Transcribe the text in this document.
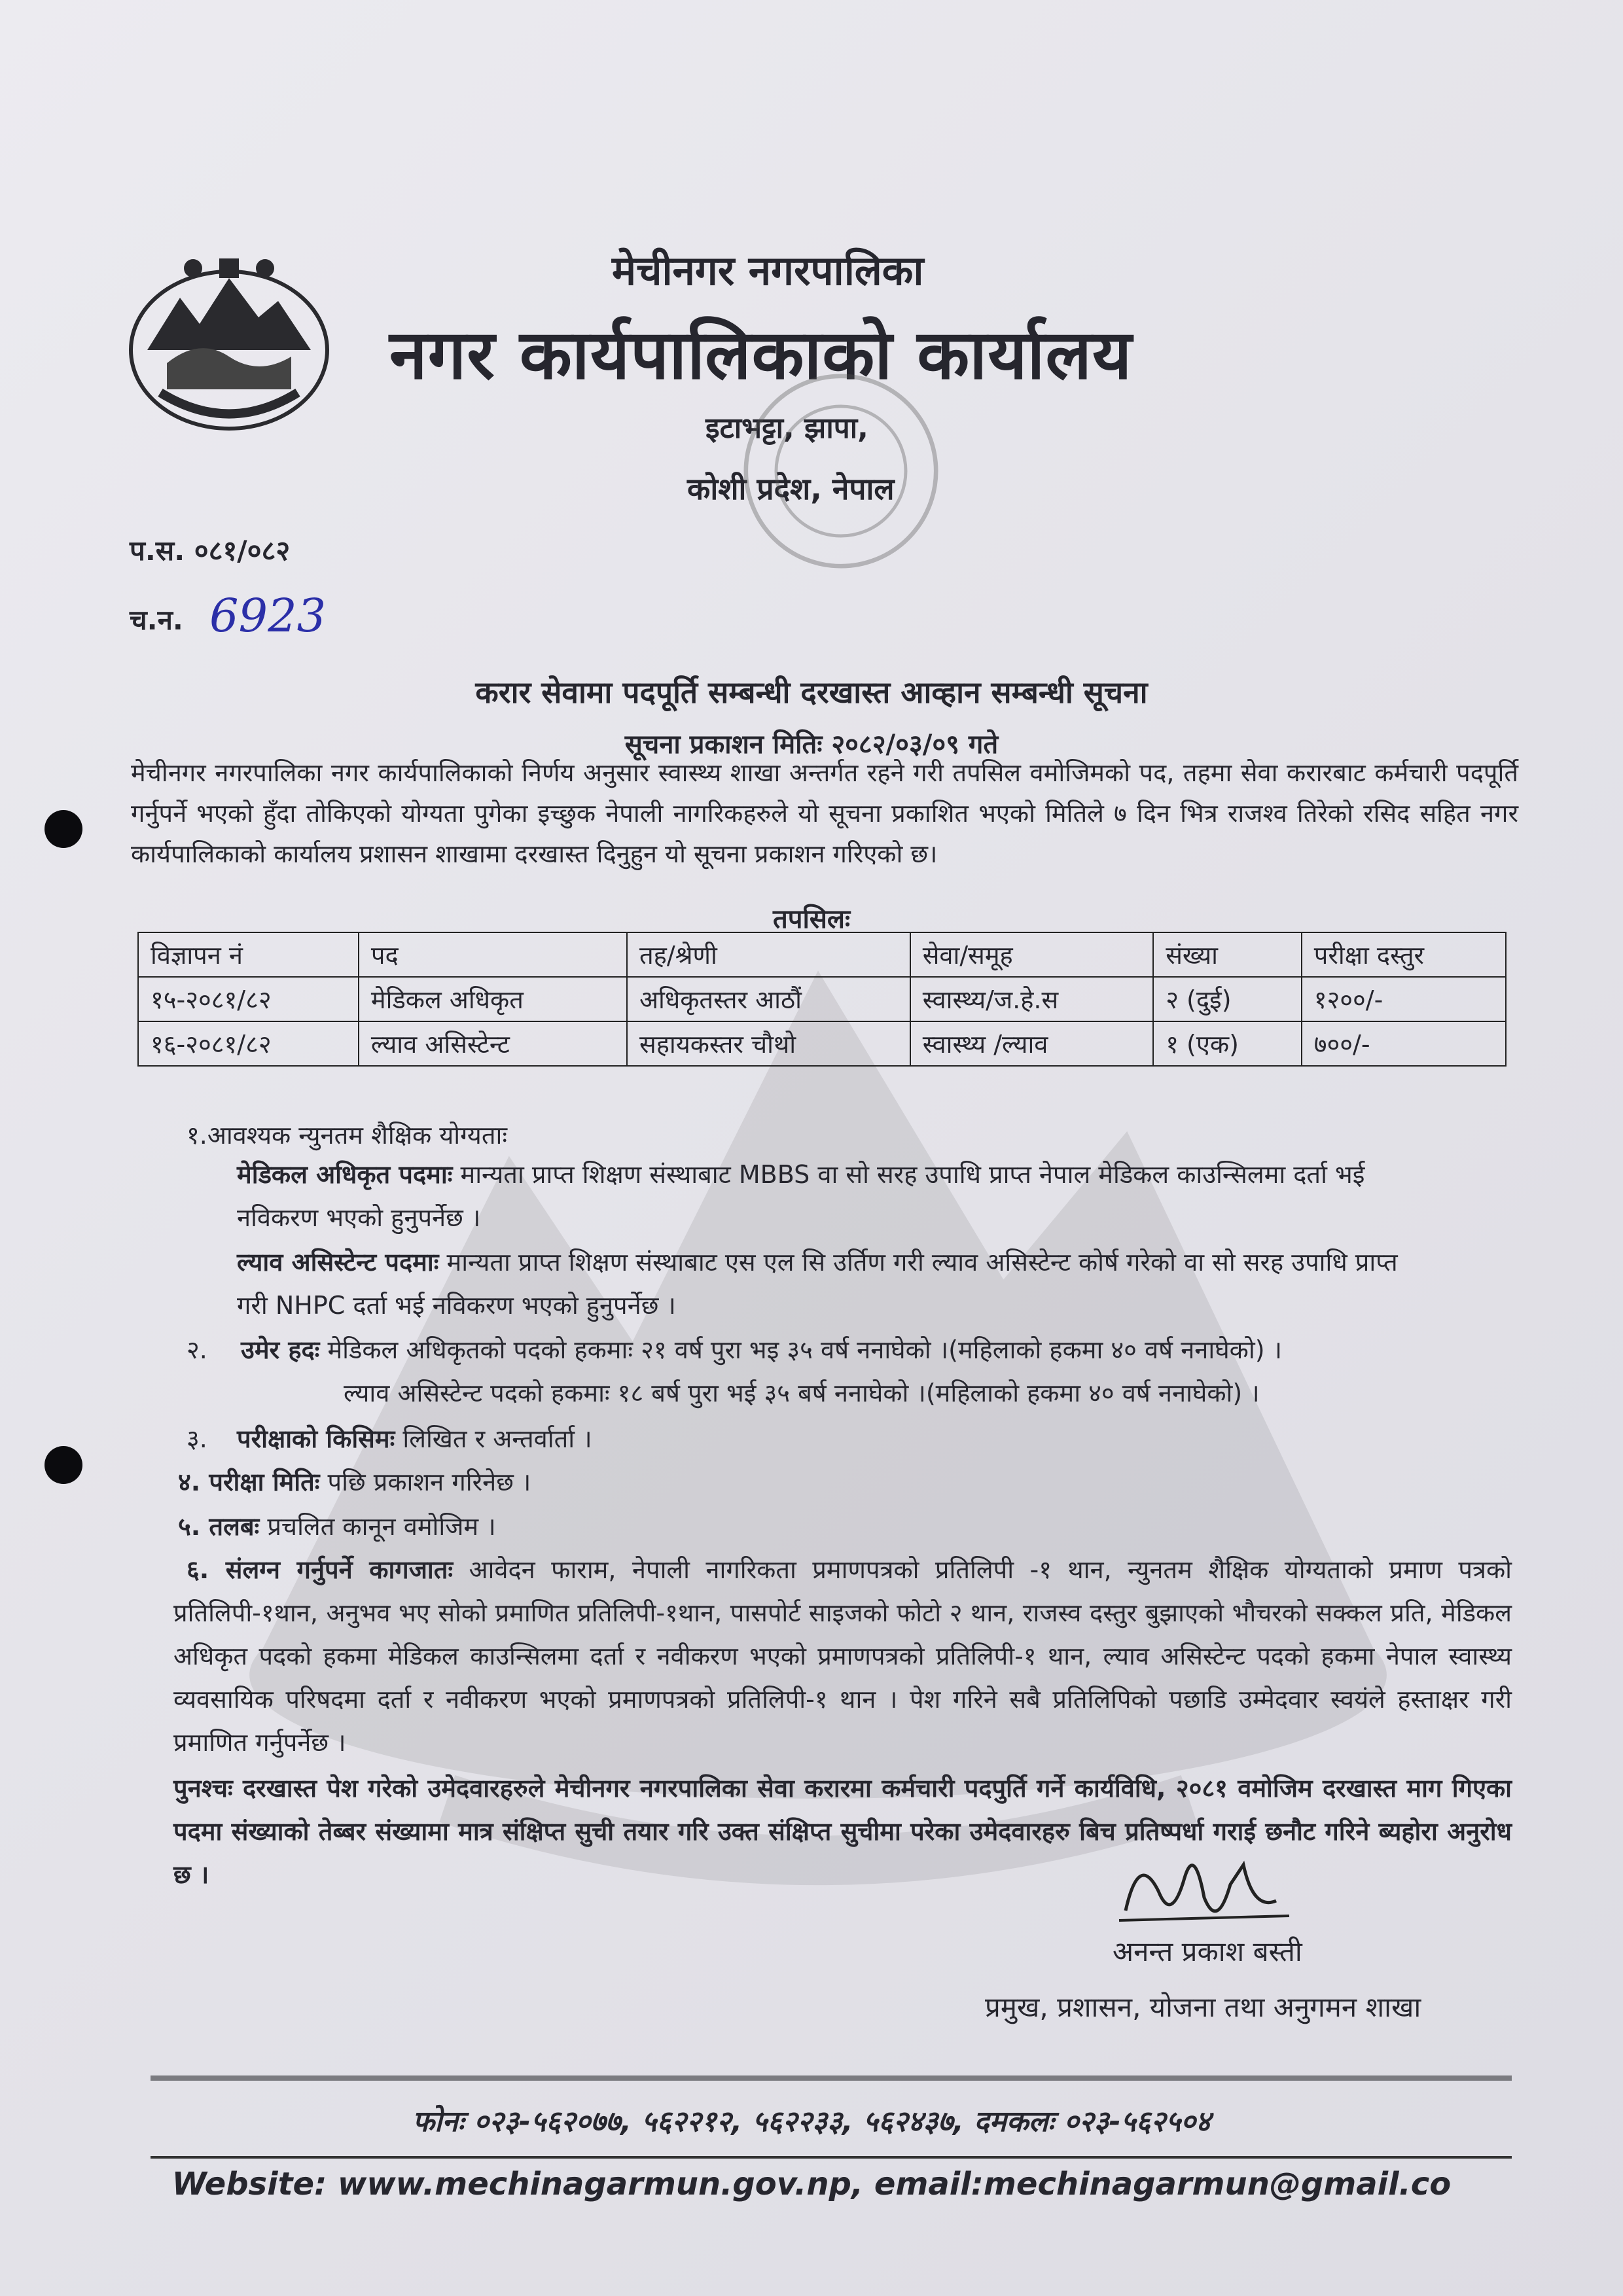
मेचीनगर नगरपालिका
नगर कार्यपालिकाको कार्यालय
इटाभट्टा, झापा,
कोशी प्रदेश, नेपाल
प.स. ०८१/०८२
च.न. 6923
करार सेवामा पदपूर्ति सम्बन्धी दरखास्त आव्हान सम्बन्धी सूचना
सूचना प्रकाशन मितिः २०८२/०३/०९ गते
मेचीनगर नगरपालिका नगर कार्यपालिकाको निर्णय अनुसार स्वास्थ्य शाखा अन्तर्गत रहने गरी तपसिल वमोजिमको पद, तहमा सेवा करारबाट कर्मचारी पदपूर्ति गर्नुपर्ने भएको हुँदा तोकिएको योग्यता पुगेका इच्छुक नेपाली नागरिकहरुले यो सूचना प्रकाशित भएको मितिले ७ दिन भित्र राजश्व तिरेको रसिद सहित नगर कार्यपालिकाको कार्यालय प्रशासन शाखामा दरखास्त दिनुहुन यो सूचना प्रकाशन गरिएको छ।
तपसिलः
विज्ञापन नं	पद	तह/श्रेणी	सेवा/समूह	संख्या	परीक्षा दस्तुर
१५-२०८१/८२	मेडिकल अधिकृत	अधिकृतस्तर आठौं	स्वास्थ्य/ज.हे.स	२ (दुई)	१२००/-
१६-२०८१/८२	ल्याव असिस्टेन्ट	सहायकस्तर चौथो	स्वास्थ्य /ल्याव	१ (एक)	७००/-
१.आवश्यक न्युनतम शैक्षिक योग्यताः
मेडिकल अधिकृत पदमाः मान्यता प्राप्त शिक्षण संस्थाबाट MBBS वा सो सरह उपाधि प्राप्त नेपाल मेडिकल काउन्सिलमा दर्ता भई
नविकरण भएको हुनुपर्नेछ ।
ल्याव असिस्टेन्ट पदमाः मान्यता प्राप्त शिक्षण संस्थाबाट एस एल सि उर्तिण गरी ल्याव असिस्टेन्ट कोर्ष गरेको वा सो सरह उपाधि प्राप्त
गरी NHPC दर्ता भई नविकरण भएको हुनुपर्नेछ ।
२. उमेर हदः मेडिकल अधिकृतको पदको हकमाः २१ वर्ष पुरा भइ ३५ वर्ष ननाघेको ।(महिलाको हकमा ४० वर्ष ननाघेको) ।
ल्याव असिस्टेन्ट पदको हकमाः १८ बर्ष पुरा भई ३५ बर्ष ननाघेको ।(महिलाको हकमा ४० वर्ष ननाघेको) ।
३. परीक्षाको किसिमः लिखित र अन्तर्वार्ता ।
४. परीक्षा मितिः पछि प्रकाशन गरिनेछ ।
५. तलबः प्रचलित कानून वमोजिम ।
६. संलग्न गर्नुपर्ने कागजातः आवेदन फाराम, नेपाली नागरिकता प्रमाणपत्रको प्रतिलिपी -१ थान, न्युनतम शैक्षिक योग्यताको प्रमाण पत्रको प्रतिलिपी-१थान, अनुभव भए सोको प्रमाणित प्रतिलिपी-१थान, पासपोर्ट साइजको फोटो २ थान, राजस्व दस्तुर बुझाएको भौचरको सक्कल प्रति, मेडिकल अधिकृत पदको हकमा मेडिकल काउन्सिलमा दर्ता र नवीकरण भएको प्रमाणपत्रको प्रतिलिपी-१ थान, ल्याव असिस्टेन्ट पदको हकमा नेपाल स्वास्थ्य व्यवसायिक परिषदमा दर्ता र नवीकरण भएको प्रमाणपत्रको प्रतिलिपी-१ थान । पेश गरिने सबै प्रतिलिपिको पछाडि उम्मेदवार स्वयंले हस्ताक्षर गरी प्रमाणित गर्नुपर्नेछ ।
पुनश्चः दरखास्त पेश गरेको उमेदवारहरुले मेचीनगर नगरपालिका सेवा करारमा कर्मचारी पदपुर्ति गर्ने कार्यविधि, २०८१ वमोजिम दरखास्त माग गिएका पदमा संख्याको तेब्बर संख्यामा मात्र संक्षिप्त सुची तयार गरि उक्त संक्षिप्त सुचीमा परेका उमेदवारहरु बिच प्रतिष्पर्धा गराई छनौट गरिने ब्यहोरा अनुरोध छ ।
अनन्त प्रकाश बस्ती
प्रमुख, प्रशासन, योजना तथा अनुगमन शाखा
फोनः ०२३-५६२०७७, ५६२२१२, ५६२२३३, ५६२४३७, दमकलः ०२३-५६२५०४
Website: www.mechinagarmun.gov.np, email:mechinagarmun@gmail.co
